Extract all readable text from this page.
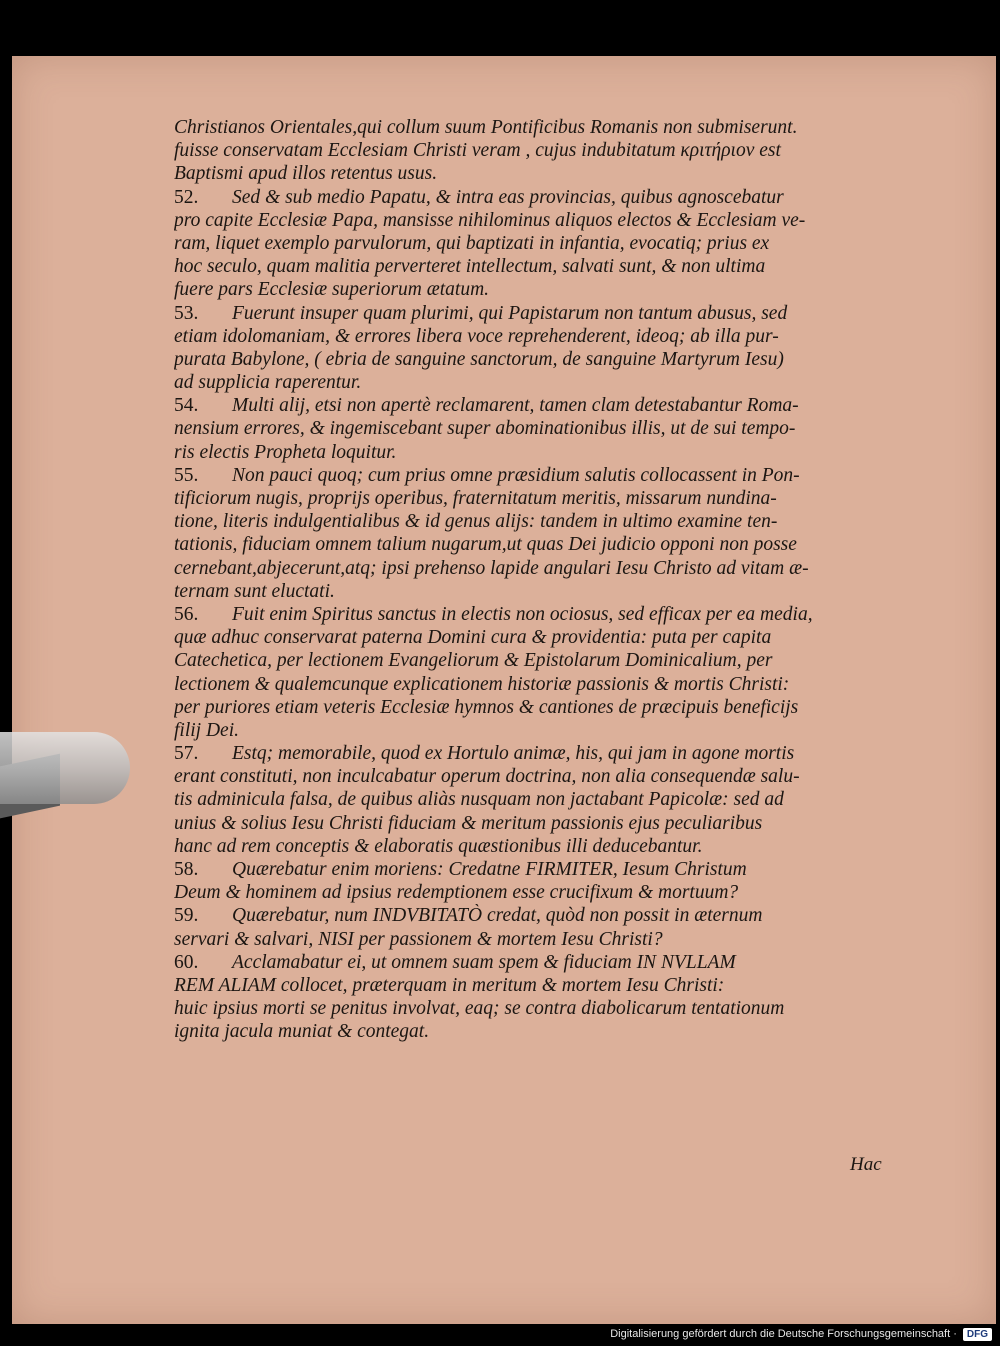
Christianos Orientales,qui collum suum Pontificibus Romanis non submiserunt.
fuisse conservatam Ecclesiam Christi veram , cujus indubitatum κριτήριον est
Baptismi apud illos retentus usus.
52. Sed & sub medio Papatu, & intra eas provincias, quibus agnoscebatur
pro capite Ecclesiæ Papa, mansisse nihilominus aliquos electos & Ecclesiam ve-
ram, liquet exemplo parvulorum, qui baptizati in infantia, evocatiq; prius ex
hoc seculo, quam malitia perverteret intellectum, salvati sunt, & non ultima
fuere pars Ecclesiæ superiorum ætatum.
53. Fuerunt insuper quam plurimi, qui Papistarum non tantum abusus, sed
etiam idolomaniam, & errores libera voce reprehenderent, ideoq; ab illa pur-
purata Babylone, ( ebria de sanguine sanctorum, de sanguine Martyrum Iesu)
ad supplicia raperentur.
54. Multi alij, etsi non apertè reclamarent, tamen clam detestabantur Roma-
nensium errores, & ingemiscebant super abominationibus illis, ut de sui tempo-
ris electis Propheta loquitur.
55. Non pauci quoq; cum prius omne præsidium salutis collocassent in Pon-
tificiorum nugis, proprijs operibus, fraternitatum meritis, missarum nundina-
tione, literis indulgentialibus & id genus alijs: tandem in ultimo examine ten-
tationis, fiduciam omnem talium nugarum,ut quas Dei judicio opponi non posse
cernebant,abjecerunt,atq; ipsi prehenso lapide angulari Iesu Christo ad vitam æ-
ternam sunt eluctati.
56. Fuit enim Spiritus sanctus in electis non ociosus, sed efficax per ea media,
quæ adhuc conservarat paterna Domini cura & providentia: puta per capita
Catechetica, per lectionem Evangeliorum & Epistolarum Dominicalium, per
lectionem & qualemcunque explicationem historiæ passionis & mortis Christi:
per puriores etiam veteris Ecclesiæ hymnos & cantiones de præcipuis beneficijs
filij Dei.
57. Estq; memorabile, quod ex Hortulo animæ, his, qui jam in agone mortis
erant constituti, non inculcabatur operum doctrina, non alia consequendæ salu-
tis adminicula falsa, de quibus aliàs nusquam non jactabant Papicolæ: sed ad
unius & solius Iesu Christi fiduciam & meritum passionis ejus peculiaribus
hanc ad rem conceptis & elaboratis quæstionibus illi deducebantur.
58. Quærebatur enim moriens: Credatne FIRMITER, Iesum Christum
Deum & hominem ad ipsius redemptionem esse crucifixum & mortuum?
59. Quærebatur, num INDVBITATÒ credat, quòd non possit in æternum
servari & salvari, NISI per passionem & mortem Iesu Christi?
60. Acclamabatur ei, ut omnem suam spem & fiduciam IN NVLLAM
REM ALIAM collocet, præterquam in meritum & mortem Iesu Christi:
huic ipsius morti se penitus involvat, eaq; se contra diabolicarum tentationum
ignita jacula muniat & contegat.
Hac
Digitalisierung gefördert durch die Deutsche Forschungsgemeinschaft ·	DFG
